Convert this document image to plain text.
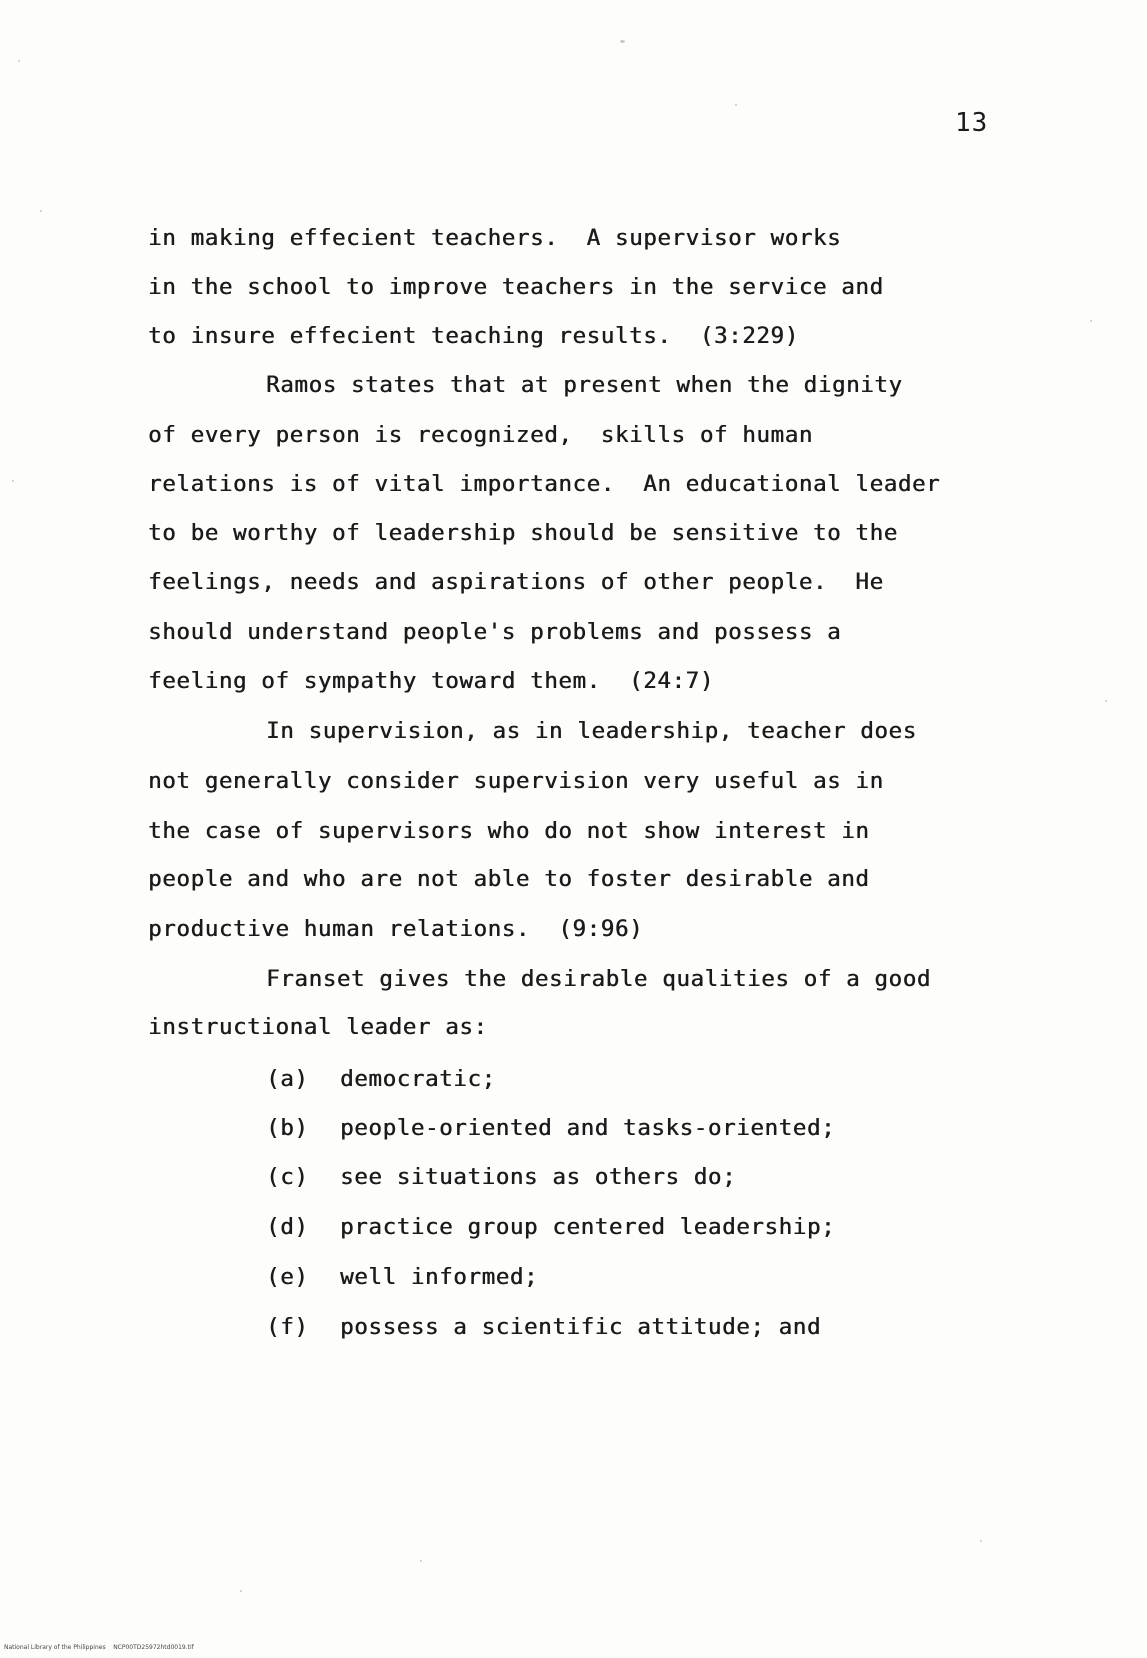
13
in making effecient teachers.  A supervisor works
in the school to improve teachers in the service and
to insure effecient teaching results.  (3:229)
Ramos states that at present when the dignity
of every person is recognized,  skills of human
relations is of vital importance.  An educational leader
to be worthy of leadership should be sensitive to the
feelings, needs and aspirations of other people.  He
should understand people's problems and possess a
feeling of sympathy toward them.  (24:7)
In supervision, as in leadership, teacher does
not generally consider supervision very useful as in
the case of supervisors who do not show interest in
people and who are not able to foster desirable and
productive human relations.  (9:96)
Franset gives the desirable qualities of a good
instructional leader as:
(a) democratic;
(b) people-oriented and tasks-oriented;
(c) see situations as others do;
(d) practice group centered leadership;
(e) well informed;
(f) possess a scientific attitude; and
National Library of the Philippines    NCP00TD25972htd0019.tif
